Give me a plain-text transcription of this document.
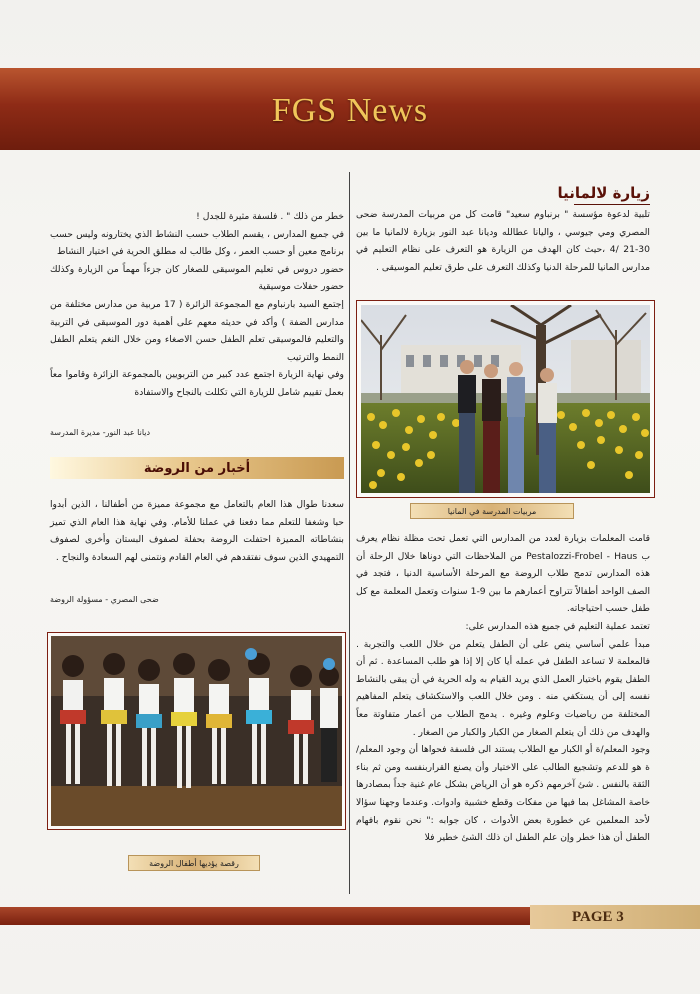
FGS News
زيارة لالمانيا

تلبية لدعوة مؤسسة " برنباوم سعيد" قامت كل من مربيات المدرسة ضحى المصري ومي جيوسي ، واليانا عطالله وديانا عبد النور بزيارة لالمانيا ما بين 30-21 /4 ،حيث كان الهدف من الزيارة هو التعرف على نظام التعليم في مدارس المانيا للمرحلة الدنيا وكذلك التعرف على طرق تعليم الموسيقى .

مربيات المدرسة في المانيا

قامت المعلمات بزيارة لعدد من المدارس التي تعمل تحت مظلة نظام يعرف ب Pestalozzi-Frobel - Haus من الملاحظات التي دوناها خلال الرحلة أن هذه المدارس تدمج طلاب الروضة مع المرحلة الأساسية الدنيا ، فتجد في الصف الواحد أطفالاً تتراوح أعمارهم ما بين 9-1 سنوات وتعمل المعلمة مع كل طفل حسب احتياجاته.

تعتمد عملية التعليم في جميع هذه المدارس على:

مبدأ علمي أساسي ينص على أن الطفل يتعلم من خلال اللعب والتجربة . فالمعلمة لا تساعد الطفل في عمله أيا كان إلا إذا هو طلب المساعدة . ثم أن الطفل يقوم باختيار العمل الذي يريد القيام به وله الحرية في أن يبقى بالنشاط نفسه إلى أن يستكفي منه . ومن خلال اللعب والاستكشاف يتعلم المفاهيم المختلفة من رياضيات وعلوم وغيره . يدمج الطلاب من أعمار متفاوتة معاً والهدف من ذلك أن يتعلم الصغار من الكبار والكبار من الصغار .

وجود المعلم/ة أو الكبار مع الطلاب يستند الى فلسفة فحواها أن وجود المعلم/ة هو للدعم وتشجيع الطالب على الاختيار وأن يصنع القراربنفسه ومن ثم بناء الثقة بالنفس . شئ آخرمهم ذكره هو أن الرياض بشكل عام غنية جداً بمصادرها خاصة المشاغل بما فيها من مفكات وقطع خشبية وادوات. وعندما وجهنا سؤالا لأحد المعلمين عن خطورة بعض الأدوات ، كان جوابه :" نحن نقوم بافهام الطفل أن هذا خطر وإن علم الطفل ان ذلك الشئ خطير فلا

خطر من ذلك " . فلسفة مثيرة للجدل !

في جميع المدارس ، يقسم الطلاب حسب النشاط الذي يختارونه وليس حسب برنامج معين أو حسب العمر ، وكل طالب له مطلق الحرية في اختيار النشاط

حضور دروس في تعليم الموسيقى للصغار كان جزءاً مهماً من الزيارة وكذلك حضور حفلات موسيقية

إجتمع السيد بارنباوم مع المجموعة الزائرة ( 17 مربية من مدارس مختلفة من مدارس الضفة ) وأكد في حديثه معهم على أهمية دور الموسيقى في التربية والتعليم فالموسيقى تعلم الطفل حسن الاصغاء ومن خلال النغم يتعلم الطفل النمط والترتيب

وفي نهاية الزيارة اجتمع عدد كبير من التربويين بالمجموعة الزائرة وقاموا معاً بعمل تقييم شامل للزيارة التي تكللت بالنجاح والاستفادة

ديانا عبد النور- مديرة المدرسة
أخبار من الروضة

سعدنا طوال هذا العام بالتعامل مع مجموعة مميزة من أطفالنا ، الذين أبدوا حبا وشغفا للتعلم مما دفعنا في عملنا للأمام. وفي نهاية هذا العام الذي تميز بنشاطاته المميزة احتفلت الروضة بحفلة لصفوف البستان وأخرى لصفوف التمهيدي الذين سوف نفتقدهم في العام القادم ونتمنى لهم السعادة والنجاح .

ضحى المصري - مسؤولة الروضة
رقصة يؤديها أطفال الروضة
PAGE 3
